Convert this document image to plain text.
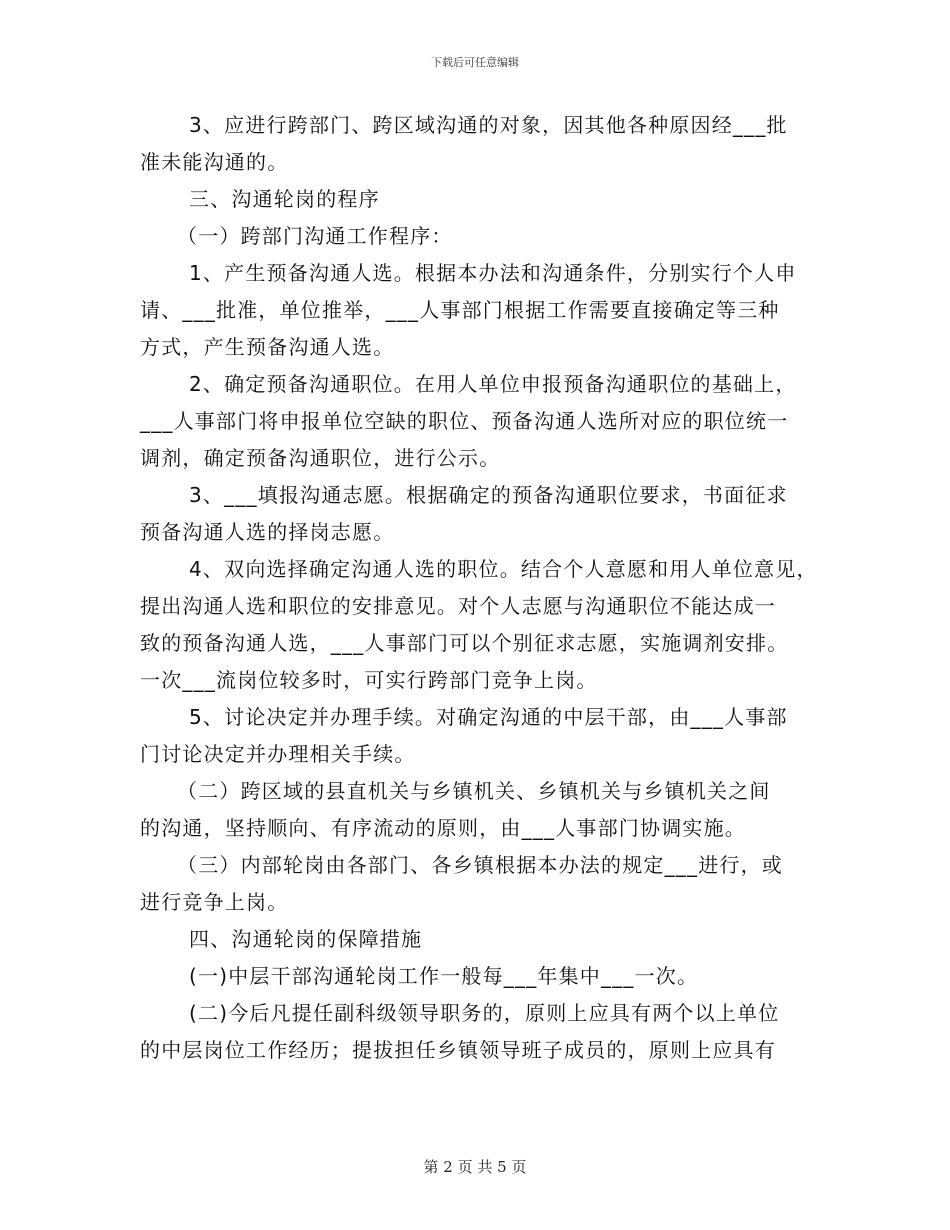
下载后可任意编辑
3、应进行跨部门、跨区域沟通的对象，因其他各种原因经___批
准未能沟通的。
三、沟通轮岗的程序
（一）跨部门沟通工作程序：
1、产生预备沟通人选。根据本办法和沟通条件，分别实行个人申
请、___批准，单位推举，___人事部门根据工作需要直接确定等三种
方式，产生预备沟通人选。
2、确定预备沟通职位。在用人单位申报预备沟通职位的基础上，
___人事部门将申报单位空缺的职位、预备沟通人选所对应的职位统一
调剂，确定预备沟通职位，进行公示。
3、___填报沟通志愿。根据确定的预备沟通职位要求，书面征求
预备沟通人选的择岗志愿。
4、双向选择确定沟通人选的职位。结合个人意愿和用人单位意见，
提出沟通人选和职位的安排意见。对个人志愿与沟通职位不能达成一
致的预备沟通人选，___人事部门可以个别征求志愿，实施调剂安排。
一次___流岗位较多时，可实行跨部门竞争上岗。
5、讨论决定并办理手续。对确定沟通的中层干部，由___人事部
门讨论决定并办理相关手续。
（二）跨区域的县直机关与乡镇机关、乡镇机关与乡镇机关之间
的沟通，坚持顺向、有序流动的原则，由___人事部门协调实施。
（三）内部轮岗由各部门、各乡镇根据本办法的规定___进行，或
进行竞争上岗。
四、沟通轮岗的保障措施
(一)中层干部沟通轮岗工作一般每___年集中___一次。
(二)今后凡提任副科级领导职务的，原则上应具有两个以上单位
的中层岗位工作经历；提拔担任乡镇领导班子成员的，原则上应具有
第 2 页 共 5 页
